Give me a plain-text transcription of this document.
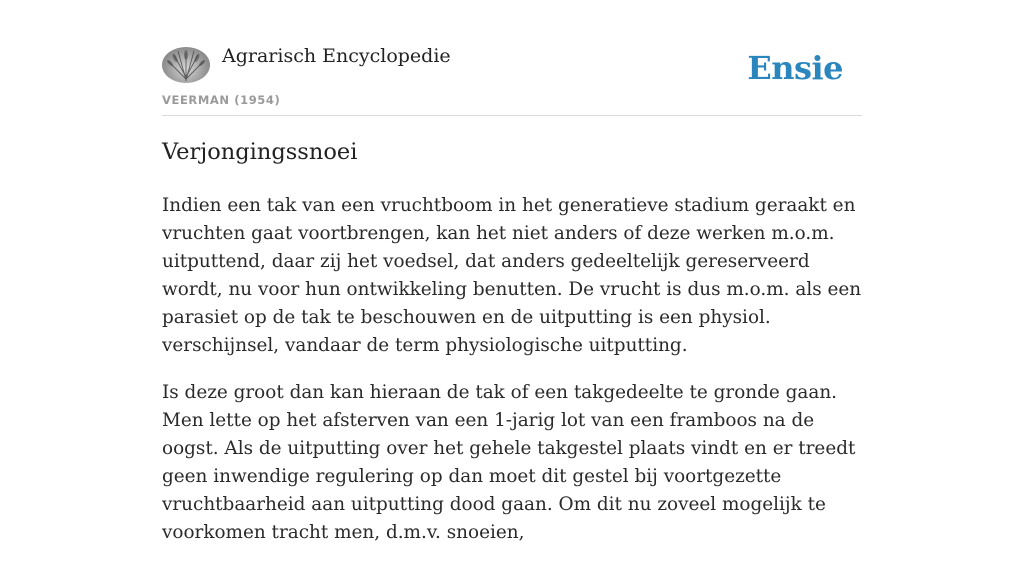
Agrarisch Encyclopedie
VEERMAN (1954)
Ensie
Verjongingssnoei

Indien een tak van een vruchtboom in het generatieve stadium geraakt en vruchten gaat voortbrengen, kan het niet anders of deze werken m.o.m. uitputtend, daar zij het voedsel, dat anders gedeeltelijk gereserveerd wordt, nu voor hun ontwikkeling benutten. De vrucht is dus m.o.m. als een parasiet op de tak te beschouwen en de uitputting is een physiol. verschijnsel, vandaar de term physiologische uitputting.

Is deze groot dan kan hieraan de tak of een takgedeelte te gronde gaan. Men lette op het afsterven van een 1-jarig lot van een framboos na de oogst. Als de uitputting over het gehele takgestel plaats vindt en er treedt geen inwendige regulering op dan moet dit gestel bij voortgezette vruchtbaarheid aan uitputting dood gaan. Om dit nu zoveel mogelijk te voorkomen tracht men, d.m.v. snoeien,
